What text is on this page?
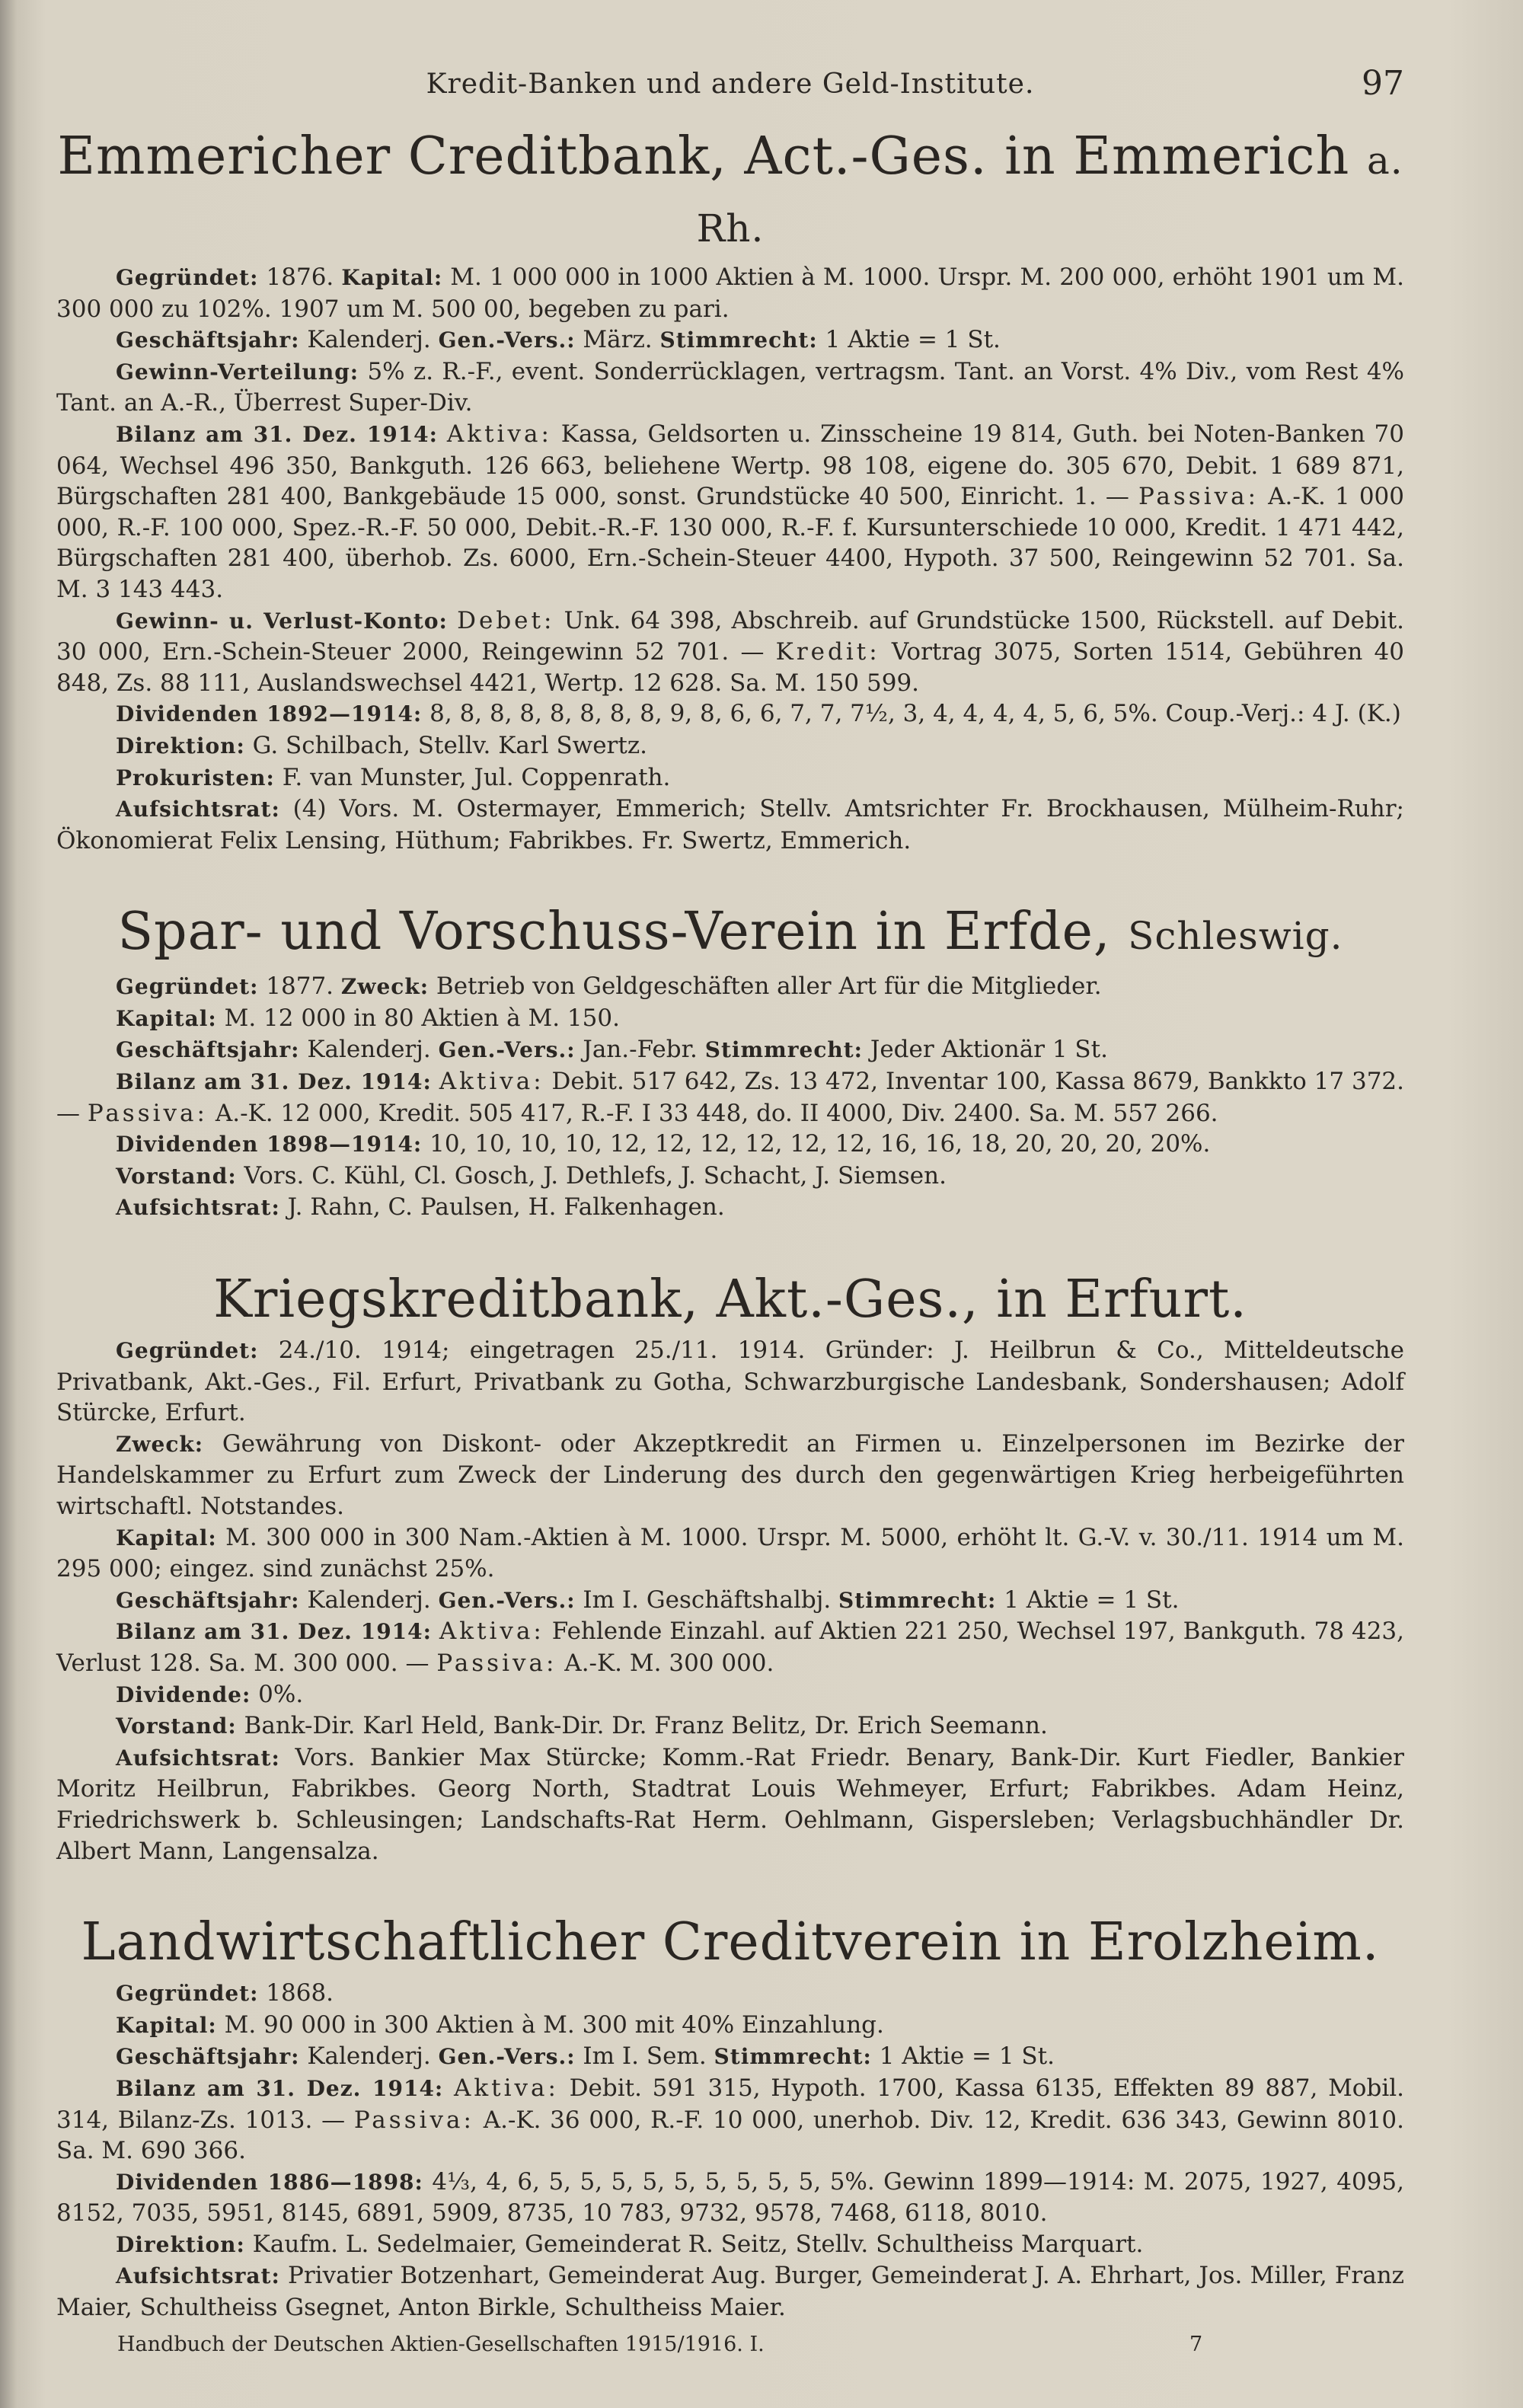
Kredit-Banken und andere Geld-Institute.	97
Emmericher Creditbank, Act.-Ges. in Emmerich a. Rh.

Gegründet: 1876. Kapital: M. 1 000 000 in 1000 Aktien à M. 1000. Urspr. M. 200 000, erhöht 1901 um M. 300 000 zu 102%. 1907 um M. 500 00, begeben zu pari.

Geschäftsjahr: Kalenderj. Gen.-Vers.: März. Stimmrecht: 1 Aktie = 1 St.

Gewinn-Verteilung: 5% z. R.-F., event. Sonderrücklagen, vertragsm. Tant. an Vorst. 4% Div., vom Rest 4% Tant. an A.-R., Überrest Super-Div.

Bilanz am 31. Dez. 1914: Aktiva: Kassa, Geldsorten u. Zinsscheine 19 814, Guth. bei Noten-Banken 70 064, Wechsel 496 350, Bankguth. 126 663, beliehene Wertp. 98 108, eigene do. 305 670, Debit. 1 689 871, Bürgschaften 281 400, Bankgebäude 15 000, sonst. Grundstücke 40 500, Einricht. 1. — Passiva: A.-K. 1 000 000, R.-F. 100 000, Spez.-R.-F. 50 000, Debit.-R.-F. 130 000, R.-F. f. Kursunterschiede 10 000, Kredit. 1 471 442, Bürgschaften 281 400, überhob. Zs. 6000, Ern.-Schein-Steuer 4400, Hypoth. 37 500, Reingewinn 52 701. Sa. M. 3 143 443.

Gewinn- u. Verlust-Konto: Debet: Unk. 64 398, Abschreib. auf Grundstücke 1500, Rückstell. auf Debit. 30 000, Ern.-Schein-Steuer 2000, Reingewinn 52 701. — Kredit: Vortrag 3075, Sorten 1514, Gebühren 40 848, Zs. 88 111, Auslandswechsel 4421, Wertp. 12 628. Sa. M. 150 599.

Dividenden 1892—1914: 8, 8, 8, 8, 8, 8, 8, 8, 9, 8, 6, 6, 7, 7, 7½, 3, 4, 4, 4, 4, 5, 6, 5%. Coup.-Verj.: 4 J. (K.)

Direktion: G. Schilbach, Stellv. Karl Swertz.

Prokuristen: F. van Munster, Jul. Coppenrath.

Aufsichtsrat: (4) Vors. M. Ostermayer, Emmerich; Stellv. Amtsrichter Fr. Brockhausen, Mülheim-Ruhr; Ökonomierat Felix Lensing, Hüthum; Fabrikbes. Fr. Swertz, Emmerich.

Spar- und Vorschuss-Verein in Erfde, Schleswig.

Gegründet: 1877. Zweck: Betrieb von Geldgeschäften aller Art für die Mitglieder.

Kapital: M. 12 000 in 80 Aktien à M. 150.

Geschäftsjahr: Kalenderj. Gen.-Vers.: Jan.-Febr. Stimmrecht: Jeder Aktionär 1 St.

Bilanz am 31. Dez. 1914: Aktiva: Debit. 517 642, Zs. 13 472, Inventar 100, Kassa 8679, Bankkto 17 372. — Passiva: A.-K. 12 000, Kredit. 505 417, R.-F. I 33 448, do. II 4000, Div. 2400. Sa. M. 557 266.

Dividenden 1898—1914: 10, 10, 10, 10, 12, 12, 12, 12, 12, 12, 16, 16, 18, 20, 20, 20, 20%.

Vorstand: Vors. C. Kühl, Cl. Gosch, J. Dethlefs, J. Schacht, J. Siemsen.

Aufsichtsrat: J. Rahn, C. Paulsen, H. Falkenhagen.

Kriegskreditbank, Akt.-Ges., in Erfurt.

Gegründet: 24./10. 1914; eingetragen 25./11. 1914. Gründer: J. Heilbrun & Co., Mitteldeutsche Privatbank, Akt.-Ges., Fil. Erfurt, Privatbank zu Gotha, Schwarzburgische Landesbank, Sondershausen; Adolf Stürcke, Erfurt.

Zweck: Gewährung von Diskont- oder Akzeptkredit an Firmen u. Einzelpersonen im Bezirke der Handelskammer zu Erfurt zum Zweck der Linderung des durch den gegenwärtigen Krieg herbeigeführten wirtschaftl. Notstandes.

Kapital: M. 300 000 in 300 Nam.-Aktien à M. 1000. Urspr. M. 5000, erhöht lt. G.-V. v. 30./11. 1914 um M. 295 000; eingez. sind zunächst 25%.

Geschäftsjahr: Kalenderj. Gen.-Vers.: Im I. Geschäftshalbj. Stimmrecht: 1 Aktie = 1 St.

Bilanz am 31. Dez. 1914: Aktiva: Fehlende Einzahl. auf Aktien 221 250, Wechsel 197, Bankguth. 78 423, Verlust 128. Sa. M. 300 000. — Passiva: A.-K. M. 300 000.

Dividende: 0%.

Vorstand: Bank-Dir. Karl Held, Bank-Dir. Dr. Franz Belitz, Dr. Erich Seemann.

Aufsichtsrat: Vors. Bankier Max Stürcke; Komm.-Rat Friedr. Benary, Bank-Dir. Kurt Fiedler, Bankier Moritz Heilbrun, Fabrikbes. Georg North, Stadtrat Louis Wehmeyer, Erfurt; Fabrikbes. Adam Heinz, Friedrichswerk b. Schleusingen; Landschafts-Rat Herm. Oehlmann, Gispersleben; Verlagsbuchhändler Dr. Albert Mann, Langensalza.

Landwirtschaftlicher Creditverein in Erolzheim.

Gegründet: 1868.

Kapital: M. 90 000 in 300 Aktien à M. 300 mit 40% Einzahlung.

Geschäftsjahr: Kalenderj. Gen.-Vers.: Im I. Sem. Stimmrecht: 1 Aktie = 1 St.

Bilanz am 31. Dez. 1914: Aktiva: Debit. 591 315, Hypoth. 1700, Kassa 6135, Effekten 89 887, Mobil. 314, Bilanz-Zs. 1013. — Passiva: A.-K. 36 000, R.-F. 10 000, unerhob. Div. 12, Kredit. 636 343, Gewinn 8010. Sa. M. 690 366.

Dividenden 1886—1898: 4⅓, 4, 6, 5, 5, 5, 5, 5, 5, 5, 5, 5, 5%. Gewinn 1899—1914: M. 2075, 1927, 4095, 8152, 7035, 5951, 8145, 6891, 5909, 8735, 10 783, 9732, 9578, 7468, 6118, 8010.

Direktion: Kaufm. L. Sedelmaier, Gemeinderat R. Seitz, Stellv. Schultheiss Marquart.

Aufsichtsrat: Privatier Botzenhart, Gemeinderat Aug. Burger, Gemeinderat J. A. Ehrhart, Jos. Miller, Franz Maier, Schultheiss Gsegnet, Anton Birkle, Schultheiss Maier.

Handbuch der Deutschen Aktien-Gesellschaften 1915/1916. I.	7
